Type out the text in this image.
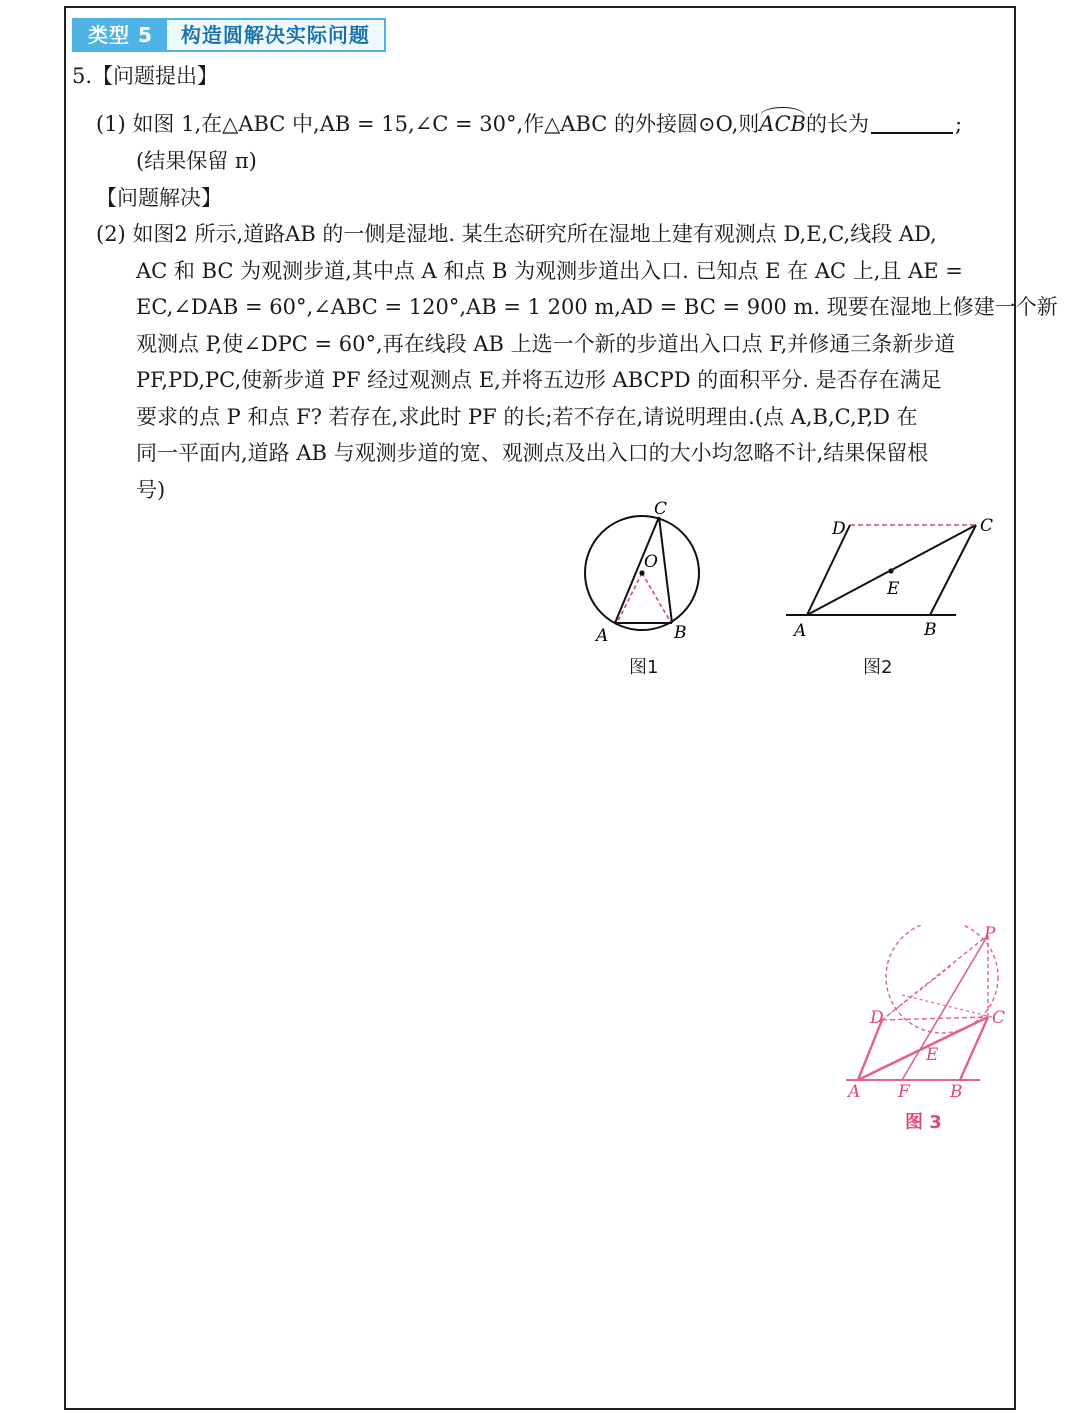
类型 5	构造圆解决实际问题
5.【问题提出】
(1) 如图 1,在△ABC 中,AB = 15,∠C = 30°,作△ABC 的外接圆⊙O,则ACB的长为	;
(结果保留 π)
【问题解决】
(2) 如图2 所示,道路AB 的一侧是湿地. 某生态研究所在湿地上建有观测点 D,E,C,线段 AD,
AC 和 BC 为观测步道,其中点 A 和点 B 为观测步道出入口. 已知点 E 在 AC 上,且 AE =
EC,∠DAB = 60°,∠ABC = 120°,AB = 1 200 m,AD = BC = 900 m. 现要在湿地上修建一个新
观测点 P,使∠DPC = 60°,再在线段 AB 上选一个新的步道出入口点 F,并修通三条新步道
PF,PD,PC,使新步道 PF 经过观测点 E,并将五边形 ABCPD 的面积平分. 是否存在满足
要求的点 P 和点 F? 若存在,求此时 PF 的长;若不存在,请说明理由.(点 A,B,C,P,D 在
同一平面内,道路 AB 与观测步道的宽、观测点及出入口的大小均忽略不计,结果保留根
号)
C
O
A	B
图1
D	C
E
A	B
图2
P
D	C
E
A F B
图 3
